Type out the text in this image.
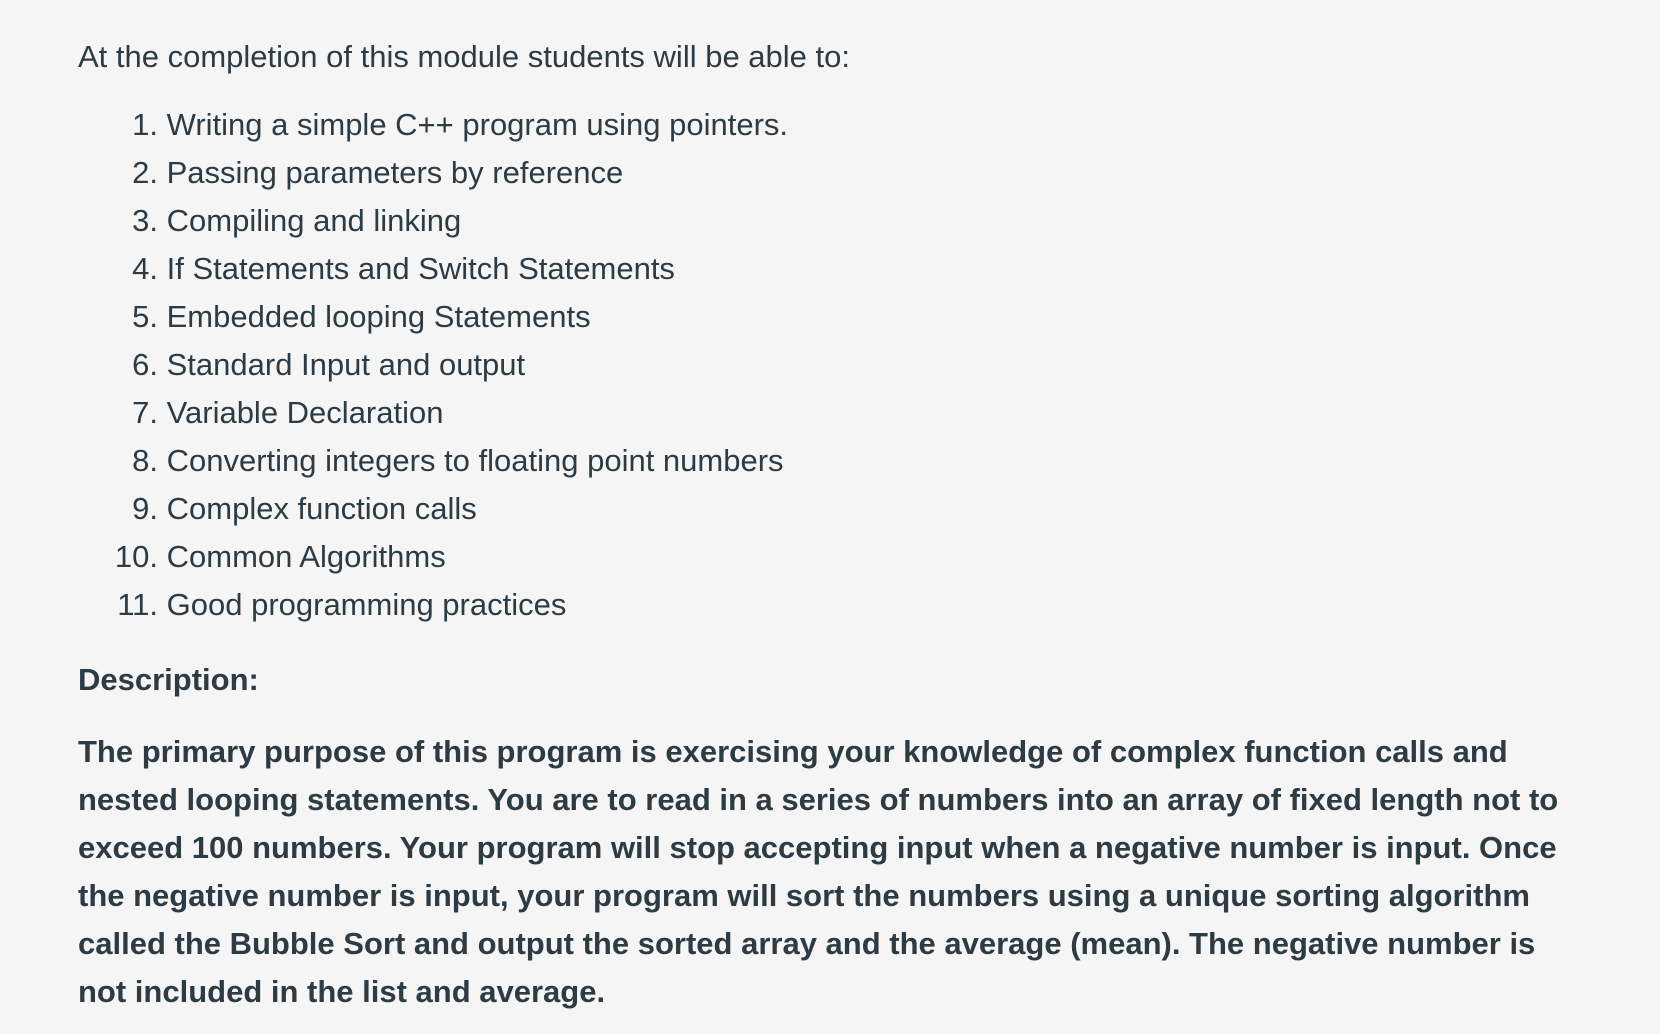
At the completion of this module students will be able to:

1. Writing a simple C++ program using pointers.
2. Passing parameters by reference
3. Compiling and linking
4. If Statements and Switch Statements
5. Embedded looping Statements
6. Standard Input and output
7. Variable Declaration
8. Converting integers to floating point numbers
9. Complex function calls
10. Common Algorithms
11. Good programming practices
Description:

The primary purpose of this program is exercising your knowledge of complex function calls and nested looping statements. You are to read in a series of numbers into an array of fixed length not to exceed 100 numbers. Your program will stop accepting input when a negative number is input. Once the negative number is input, your program will sort the numbers using a unique sorting algorithm called the Bubble Sort and output the sorted array and the average (mean). The negative number is not included in the list and average.
